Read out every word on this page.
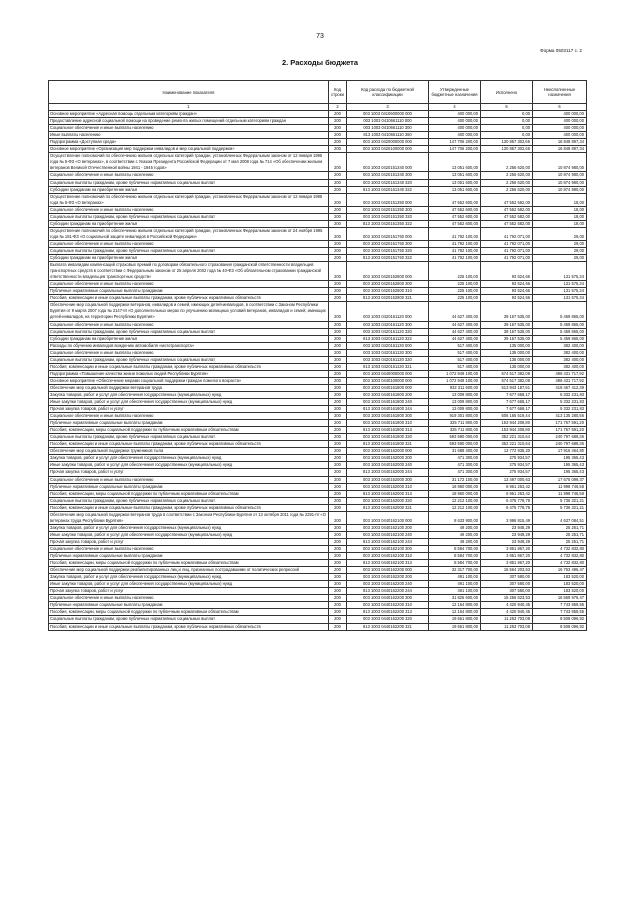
73
Форма 0503117 с. 2
2. Расходы бюджета
Наименование показателя	Код строки	Код расхода по бюджетной классификации	Утвержденные бюджетные назначения	Исполнено	Неисполненные назначения
1	2	3	4	5	6
Основное мероприятие «Адресная помощь отдельным категориям граждан»	200	003 1003 0410600000 000	400 000,00	0,00	400 000,00
Предоставление адресной социальной помощи на проведение ремонта жилых помещений отдельным категориям граждан	200	003 1003 0410661110 000	400 000,00	0,00	400 000,00
Социальное обеспечение и иные выплаты населению	200	003 1003 0410661110 300	400 000,00	0,00	400 000,00
Иные выплаты населению	200	813 1003 0410661110 360	400 000,00	0,00	400 000,00
Подпрограмма «Доступная среда»	200	003 1003 0420000000 000	147 706 200,00	130 857 302,66	16 848 897,34
Основное мероприятие «Организация мер поддержки инвалидов и мер социальной поддержки»	200	003 1003 0420100000 000	147 706 200,00	130 857 302,66	16 848 897,34
Осуществление полномочий по обеспечению жильем отдельных категорий граждан, установленных Федеральным законом от 12 января 1995 года № 5-ФЗ «О ветеранах», в соответствии с Указом Президента Российской Федерации от 7 мая 2008 года № 714 «Об обеспечении жильем ветеранов Великой Отечественной войны 1941 - 1945 годов»	200	003 1003 0420151340 000	13 051 600,00	2 256 620,00	10 874 980,00
Социальное обеспечение и иные выплаты населению	200	003 1003 0420151340 300	13 051 600,00	2 256 620,00	10 874 980,00
Социальные выплаты гражданам, кроме публичных нормативных социальных выплат	200	003 1003 0420151340 320	13 051 600,00	2 256 620,00	10 874 980,00
Субсидии гражданам на приобретение жилья	200	813 1003 0420151340 322	13 051 600,00	2 256 620,00	10 874 980,00
Осуществление полномочий по обеспечению жильем отдельных категорий граждан, установленных Федеральным законом от 12 января 1995 года № 5-ФЗ «О ветеранах»	200	003 1003 0420151350 000	47 552 600,00	47 552 582,00	18,00
Социальное обеспечение и иные выплаты населению	200	003 1003 0420151350 300	47 552 600,00	47 552 582,00	18,00
Социальные выплаты гражданам, кроме публичных нормативных социальных выплат	200	003 1003 0420151350 320	47 552 600,00	47 552 582,00	18,00
Субсидии гражданам на приобретение жилья	200	813 1003 0420151350 322	47 552 600,00	47 552 582,00	18,00
Осуществление полномочий по обеспечению жильем отдельных категорий граждан, установленных Федеральным законом от 24 ноября 1995 года № 181-ФЗ «О социальной защите инвалидов в Российской Федерации»	200	003 1003 0420151760 000	41 792 100,00	41 792 071,00	29,00
Социальное обеспечение и иные выплаты населению	200	003 1003 0420151760 300	41 792 100,00	41 792 071,00	29,00
Социальные выплаты гражданам, кроме публичных нормативных социальных выплат	200	003 1003 0420151760 320	41 792 100,00	41 792 071,00	29,00
Субсидии гражданам на приобретение жилья	200	813 1003 0420151760 322	41 792 100,00	41 792 071,00	29,00
Выплата инвалидам компенсаций страховых премий по договорам обязательного страхования гражданской ответственности владельцев транспортных средств в соответствии с Федеральным законом от 25 апреля 2002 года № 40-ФЗ «Об обязательном страховании гражданской ответственности владельцев транспортных средств»	200	003 1003 0420152800 000	225 100,00	93 524,66	131 575,34
Социальное обеспечение и иные выплаты населению	200	003 1003 0420152800 300	225 100,00	93 524,66	131 575,34
Публичные нормативные социальные выплаты гражданам	200	003 1003 0420152800 310	225 100,00	93 524,66	131 575,34
Пособия, компенсации и иные социальные выплаты гражданам, кроме публичных нормативных обязательств	200	813 1003 0420152800 321	225 100,00	93 524,66	131 575,34
Обеспечение мер социальной поддержки ветеранов, инвалидов и семей, имеющих детей-инвалидов, в соответствии с Законом Республики Бурятия от 9 марта 2007 года № 2147-III «О дополнительных мерах по улучшению жилищных условий ветеранов, инвалидов и семей, имеющих детей-инвалидов, на территории Республики Бурятия»	200	003 1003 0420161120 000	44 627 400,00	39 167 535,00	5 459 865,00
Социальное обеспечение и иные выплаты населению	200	003 1003 0420161120 300	44 627 400,00	39 167 535,00	5 459 865,00
Социальные выплаты гражданам, кроме публичных нормативных социальных выплат	200	003 1003 0420161120 320	44 627 400,00	39 167 535,00	5 459 865,00
Субсидии гражданам на приобретение жилья	200	813 1003 0420161120 322	44 627 400,00	39 167 535,00	5 459 865,00
Расходы по обучению инвалидов вождению автомобиля «мототранспорта»	200	003 1003 0420161130 000	517 400,00	135 000,00	382 400,00
Социальное обеспечение и иные выплаты населению	200	003 1003 0420161130 300	517 400,00	135 000,00	382 400,00
Социальные выплаты гражданам, кроме публичных нормативных социальных выплат	200	003 1003 0420161130 320	517 400,00	135 000,00	382 400,00
Пособия, компенсации и иные социальные выплаты гражданам, кроме публичных нормативных обязательств	200	813 1003 0420161130 321	517 400,00	135 000,00	382 400,00
Подпрограмма «Повышение качества жизни пожилых людей Республики Бурятия»	200	003 1003 0440000000 000	1 072 949 100,00	574 517 382,08	498 431 717,92
Основное мероприятие «Обеспечение мерами социальной поддержки граждан пожилого возраста»	200	003 1003 0440100000 000	1 072 949 100,00	574 517 382,08	498 431 717,92
Обеспечение мер социальной поддержки ветеранов труда	200	003 1003 0440161800 000	932 311 600,00	513 843 187,61	418 467 412,39
Закупка товаров, работ и услуг для обеспечения государственных (муниципальных) нужд	200	003 1003 0440161800 200	13 009 800,00	7 677 668,17	5 332 231,83
Иные закупки товаров, работ и услуг для обеспечения государственных (муниципальных) нужд	200	003 1003 0440161800 240	13 009 800,00	7 677 668,17	5 332 231,83
Прочая закупка товаров, работ и услуг	200	813 1003 0440161800 244	13 009 800,00	7 677 668,17	5 332 231,83
Социальное обеспечение и иные выплаты населению	200	003 1003 0440161800 300	919 301 800,00	506 165 519,44	413 135 280,56
Публичные нормативные социальные выплаты гражданам	200	003 1003 0440161800 310	325 711 800,00	153 944 208,80	171 767 591,20
Пособия, компенсации, меры социальной поддержки по публичным нормативным обязательствам	200	813 1003 0440161800 313	325 711 800,00	153 944 208,80	171 767 591,20
Социальные выплаты гражданам, кроме публичных нормативных социальных выплат	200	003 1003 0440161800 320	593 590 000,00	352 221 310,64	240 797 689,36
Пособия, компенсации и иные социальные выплаты гражданам, кроме публичных нормативных обязательств	200	813 1003 0440161800 321	593 590 000,00	352 221 310,64	240 797 689,36
Обеспечение мер социальной поддержки тружеников тыла	200	003 1003 0440162000 000	31 689 400,00	13 772 935,20	17 916 464,80
Закупка товаров, работ и услуг для обеспечения государственных (муниципальных) нужд	200	003 1003 0440162000 200	471 300,00	275 934,57	195 365,43
Иные закупки товаров, работ и услуг для обеспечения государственных (муниципальных) нужд	200	003 1003 0440162000 240	471 300,00	275 934,57	195 365,43
Прочая закупка товаров, работ и услуг	200	813 1003 0440162000 244	471 300,00	275 934,57	195 365,43
Социальное обеспечение и иные выплаты населению	200	003 1003 0440162000 300	31 172 100,00	13 497 000,63	17 675 099,37
Публичные нормативные социальные выплаты гражданам	200	003 1003 0440162000 310	18 960 000,00	6 961 253,42	11 998 746,58
Пособия, компенсации, меры социальной поддержки по публичным нормативным обязательствам	200	813 1003 0440162000 313	18 960 000,00	6 961 253,42	11 998 746,58
Социальные выплаты гражданам, кроме публичных нормативных социальных выплат	200	003 1003 0440162000 320	12 212 100,00	6 475 778,79	5 736 321,21
Пособия, компенсации и иные социальные выплаты гражданам, кроме публичных нормативных обязательств	200	813 1003 0440162000 321	12 212 100,00	6 475 778,79	5 736 321,21
Обеспечение мер социальной поддержки ветеранов труда в соответствии с Законом Республики Бурятия от 13 октября 2011 года № 2291-IV «О ветеранах труда Республики Бурятия»	200	003 1003 0440162100 000	8 633 900,00	3 996 815,49	4 637 084,51
Закупка товаров, работ и услуг для обеспечения государственных (муниципальных) нужд	200	003 1003 0440162100 200	49 200,00	23 948,29	25 251,71
Иные закупки товаров, работ и услуг для обеспечения государственных (муниципальных) нужд	200	003 1003 0440162100 240	49 200,00	23 948,29	25 251,71
Прочая закупка товаров, работ и услуг	200	813 1003 0440162100 244	49 200,00	23 948,29	25 251,71
Социальное обеспечение и иные выплаты населению	200	003 1003 0440162100 300	8 584 700,00	3 851 867,20	4 732 832,80
Публичные нормативные социальные выплаты гражданам	200	003 1003 0440162100 310	8 584 700,00	3 851 867,20	4 732 832,80
Пособия, компенсации, меры социальной поддержки по публичным нормативным обязательствам	200	813 1003 0440162100 313	8 584 700,00	3 851 867,20	4 732 832,80
Обеспечение мер социальной поддержки реабилитированных лиц и лиц, признанных пострадавшими от политических репрессий	200	003 1003 0440162200 000	32 317 700,00	15 564 203,53	16 753 496,47
Закупка товаров, работ и услуг для обеспечения государственных (муниципальных) нужд	200	003 1003 0440162200 200	491 100,00	307 580,00	183 520,00
Иные закупки товаров, работ и услуг для обеспечения государственных (муниципальных) нужд	200	003 1003 0440162200 240	491 100,00	307 580,00	183 520,00
Прочая закупка товаров, работ и услуг	200	813 1003 0440162200 244	491 100,00	307 580,00	183 520,00
Социальное обеспечение и иные выплаты населению	200	003 1003 0440162200 300	31 826 600,00	15 256 623,53	16 569 976,47
Публичные нормативные социальные выплаты гражданам	200	003 1003 0440162200 310	12 164 800,00	4 420 940,45	7 743 859,55
Пособия, компенсации, меры социальной поддержки по публичным нормативным обязательствам	200	813 1003 0440162200 313	12 164 800,00	4 420 940,45	7 743 859,55
Социальные выплаты гражданам, кроме публичных нормативных социальных выплат	200	003 1003 0440162200 320	19 661 800,00	11 253 703,08	8 508 096,92
Пособия, компенсации и иные социальные выплаты гражданам, кроме публичных нормативных обязательств	200	813 1003 0440162200 321	19 661 800,00	11 253 703,08	8 508 096,92
